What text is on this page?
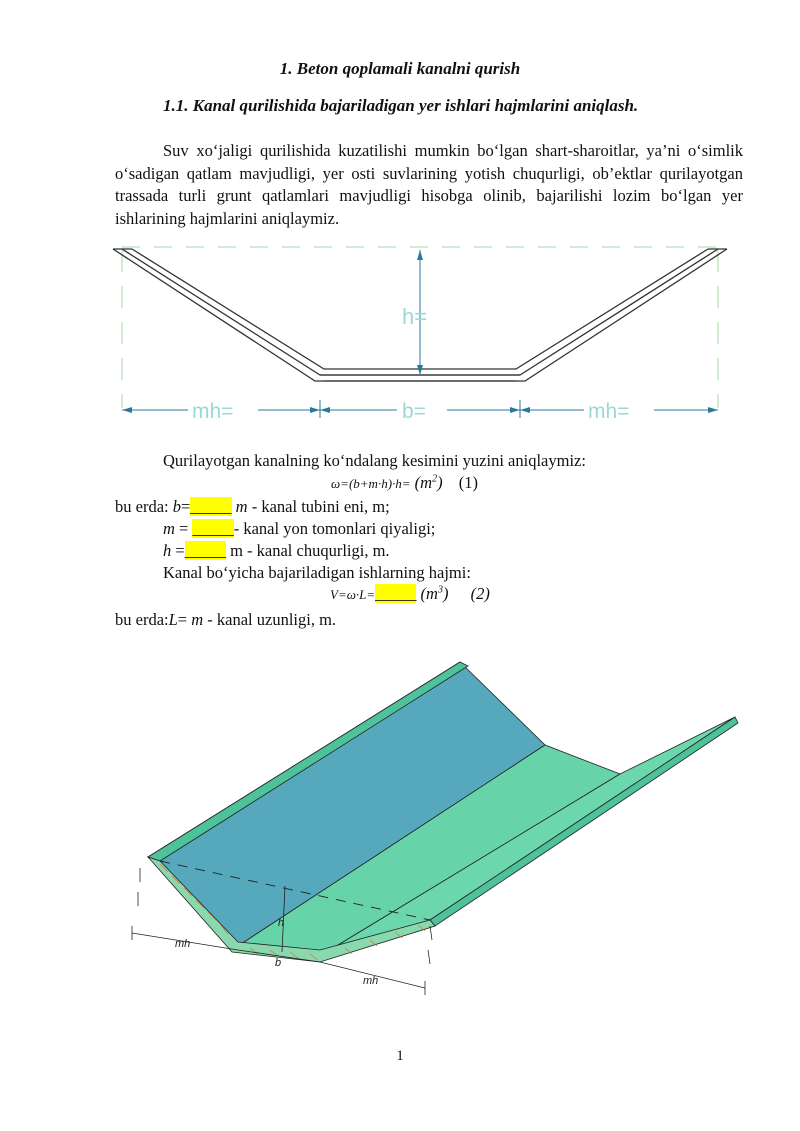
1. Beton qoplamali kanalni qurish
1.1. Kanal qurilishida bajariladigan yer ishlari hajmlarini aniqlash.
Suv xo‘jaligi qurilishida kuzatilishi mumkin bo‘lgan shart-sharoitlar, ya’ni o‘simlik o‘sadigan qatlam mavjudligi, yer osti suvlarining yotish chuqurligi, ob’ektlar qurilayotgan trassada turli grunt qatlamlari mavjudligi hisobga olinib, bajarilishi lozim bo‘lgan yer ishlarining hajmlarini aniqlaymiz.
h=
mh=	b=	mh=
Qurilayotgan kanalning ko‘ndalang kesimini yuzini aniqlaymiz:
$\omega=(b+m\cdot h)\cdot h= (m^2)$ (1)
bu erda: b=_____ m - kanal tubini eni, m;
m = _____- kanal yon tomonlari qiyaligi;
h =_____ m - kanal chuqurligi, m.
Kanal bo‘yicha bajariladigan ishlarning hajmi:
V=ω·L=_____ $(m^3)$ (2)
bu erda:L= m - kanal uzunligi, m.
h
mh
b
mh
1
